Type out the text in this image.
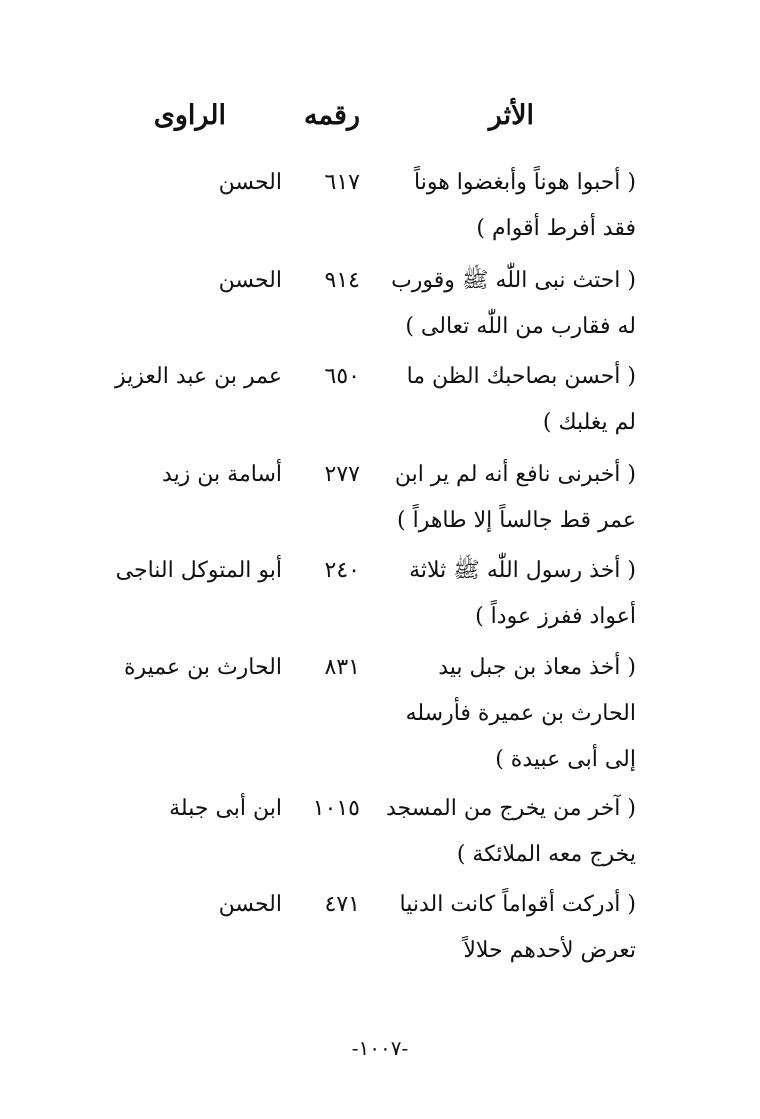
الأثر
رقمه
الراوى
( أحبوا هوناً وأبغضوا هوناً
فقد أفرط أقوام )
٦١٧
الحسن
( احتث نبى اللّٰه ﷺ وقورب
له فقارب من اللّٰه تعالى )
٩١٤
الحسن
( أحسن بصاحبك الظن ما
لم يغلبك )
٦٥٠
عمر بن عبد العزيز
( أخبرنى نافع أنه لم ير ابن
عمر قط جالساً إلا طاهراً )
٢٧٧
أسامة بن زيد
( أخذ رسول اللّٰه ﷺ ثلاثة
أعواد ففرز عوداً )
٢٤٠
أبو المتوكل الناجى
( أخذ معاذ بن جبل بيد
الحارث بن عميرة فأرسله
إلى أبى عبيدة )
٨٣١
الحارث بن عميرة
( آخر من يخرج من المسجد
يخرج معه الملائكة )
١٠١٥
ابن أبى جبلة
( أدركت أقواماً كانت الدنيا
تعرض لأحدهم حلالاً
٤٧١
الحسن
-١٠٠٧-
